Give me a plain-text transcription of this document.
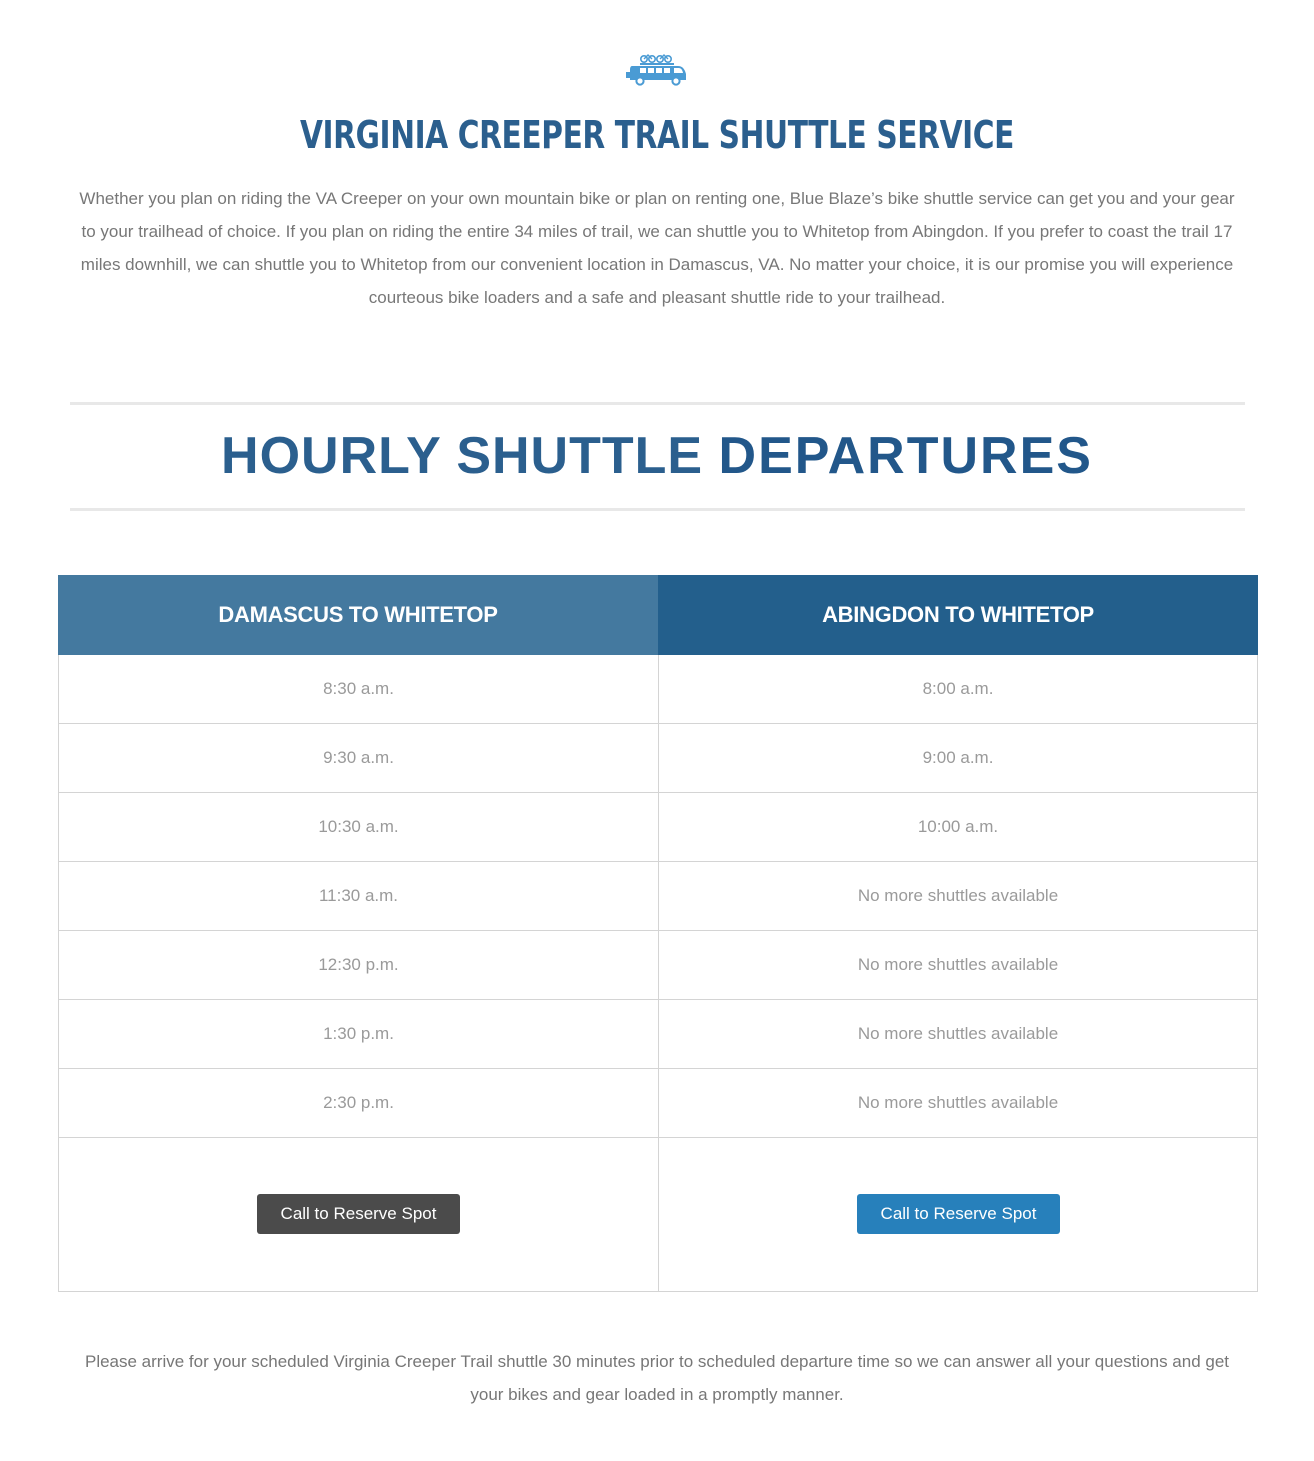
VIRGINIA CREEPER TRAIL SHUTTLE SERVICE

Whether you plan on riding the VA Creeper on your own mountain bike or plan on renting one, Blue Blaze’s bike shuttle service can get you and your gear to your trailhead of choice. If you plan on riding the entire 34 miles of trail, we can shuttle you to Whitetop from Abingdon. If you prefer to coast the trail 17 miles downhill, we can shuttle you to Whitetop from our convenient location in Damascus, VA. No matter your choice, it is our promise you will experience courteous bike loaders and a safe and pleasant shuttle ride to your trailhead.

HOURLY SHUTTLE DEPARTURES
DAMASCUS TO WHITETOP
8:30 a.m.
9:30 a.m.
10:30 a.m.
11:30 a.m.
12:30 p.m.
1:30 p.m.
2:30 p.m.
Call to Reserve Spot
ABINGDON TO WHITETOP
8:00 a.m.
9:00 a.m.
10:00 a.m.
No more shuttles available
No more shuttles available
No more shuttles available
No more shuttles available
Call to Reserve Spot

Please arrive for your scheduled Virginia Creeper Trail shuttle 30 minutes prior to scheduled departure time so we can answer all your questions and get your bikes and gear loaded in a promptly manner.
